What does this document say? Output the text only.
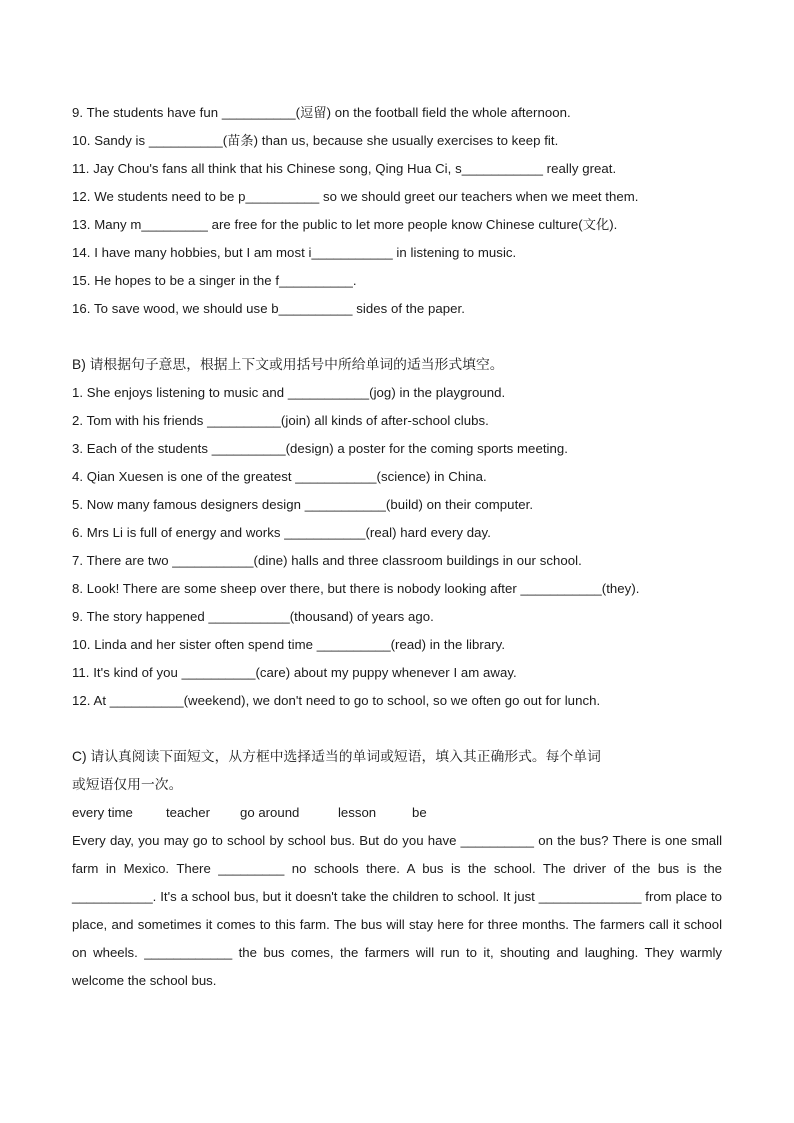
9. The students have fun __________(逗留) on the football field the whole afternoon.
10. Sandy is __________(苗条) than us, because she usually exercises to keep fit.
11. Jay Chou's fans all think that his Chinese song, Qing Hua Ci, s___________ really great.
12. We students need to be p__________ so we should greet our teachers when we meet them.
13. Many m_________ are free for the public to let more people know Chinese culture(文化).
14. I have many hobbies, but I am most i___________ in listening to music.
15. He hopes to be a singer in the f__________.
16. To save wood, we should use b__________ sides of the paper.
B) 请根据句子意思，根据上下文或用括号中所给单词的适当形式填空。
1. She enjoys listening to music and ___________(jog) in the playground.
2. Tom with his friends __________(join) all kinds of after-school clubs.
3. Each of the students __________(design) a poster for the coming sports meeting.
4. Qian Xuesen is one of the greatest ___________(science) in China.
5. Now many famous designers design ___________(build) on their computer.
6. Mrs Li is full of energy and works ___________(real) hard every day.
7. There are two ___________(dine) halls and three classroom buildings in our school.
8. Look! There are some sheep over there, but there is nobody looking after ___________(they).
9. The story happened ___________(thousand) of years ago.
10. Linda and her sister often spend time __________(read) in the library.
11. It's kind of you __________(care) about my puppy whenever I am away.
12. At __________(weekend), we don't need to go to school, so we often go out for lunch.
C) 请认真阅读下面短文，从方框中选择适当的单词或短语，填入其正确形式。每个单词
或短语仅用一次。
every time	teacher	go around	lesson	be

Every day, you may go to school by school bus. But do you have __________ on the bus? There is one small farm in Mexico. There _________ no schools there. A bus is the school. The driver of the bus is the ___________. It's a school bus, but it doesn't take the children to school. It just ______________ from place to place, and sometimes it comes to this farm. The bus will stay here for three months. The farmers call it school on wheels. ____________ the bus comes, the farmers will run to it, shouting and laughing. They warmly welcome the school bus.
